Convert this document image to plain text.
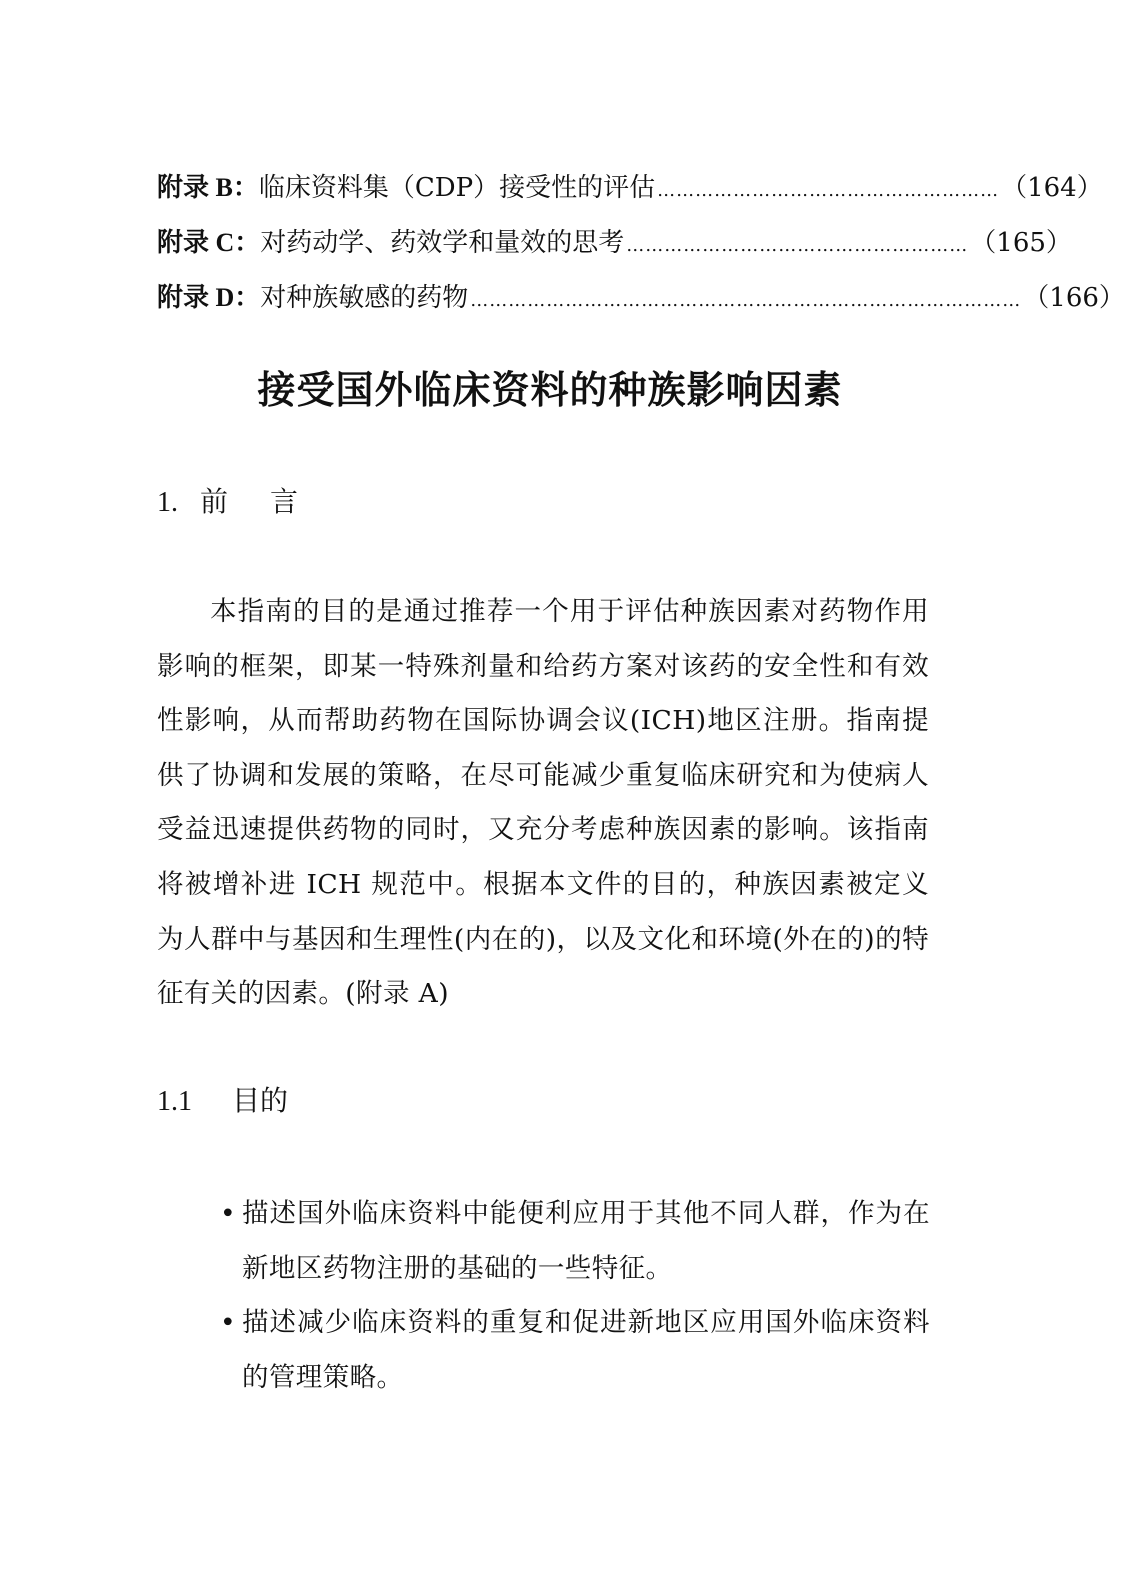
附录 B： 临床资料集（CDP）接受性的评估 ……………………………………………… （164）
附录 C： 对药动学、药效学和量效的思考 ……………………………………………… （165）
附录 D： 对种族敏感的药物 …………………………………………………………………………… （166）
接受国外临床资料的种族影响因素
1. 前 言
本指南的目的是通过推荐一个用于评估种族因素对药物作用影响的框架，即某一特殊剂量和给药方案对该药的安全性和有效性影响，从而帮助药物在国际协调会议(ICH)地区注册。指南提供了协调和发展的策略，在尽可能减少重复临床研究和为使病人受益迅速提供药物的同时，又充分考虑种族因素的影响。该指南将被增补进 ICH 规范中。根据本文件的目的，种族因素被定义为人群中与基因和生理性(内在的)，以及文化和环境(外在的)的特征有关的因素。(附录 A)
1.1 目的
• 描述国外临床资料中能便利应用于其他不同人群，作为在新地区药物注册的基础的一些特征。
• 描述减少临床资料的重复和促进新地区应用国外临床资料的管理策略。
